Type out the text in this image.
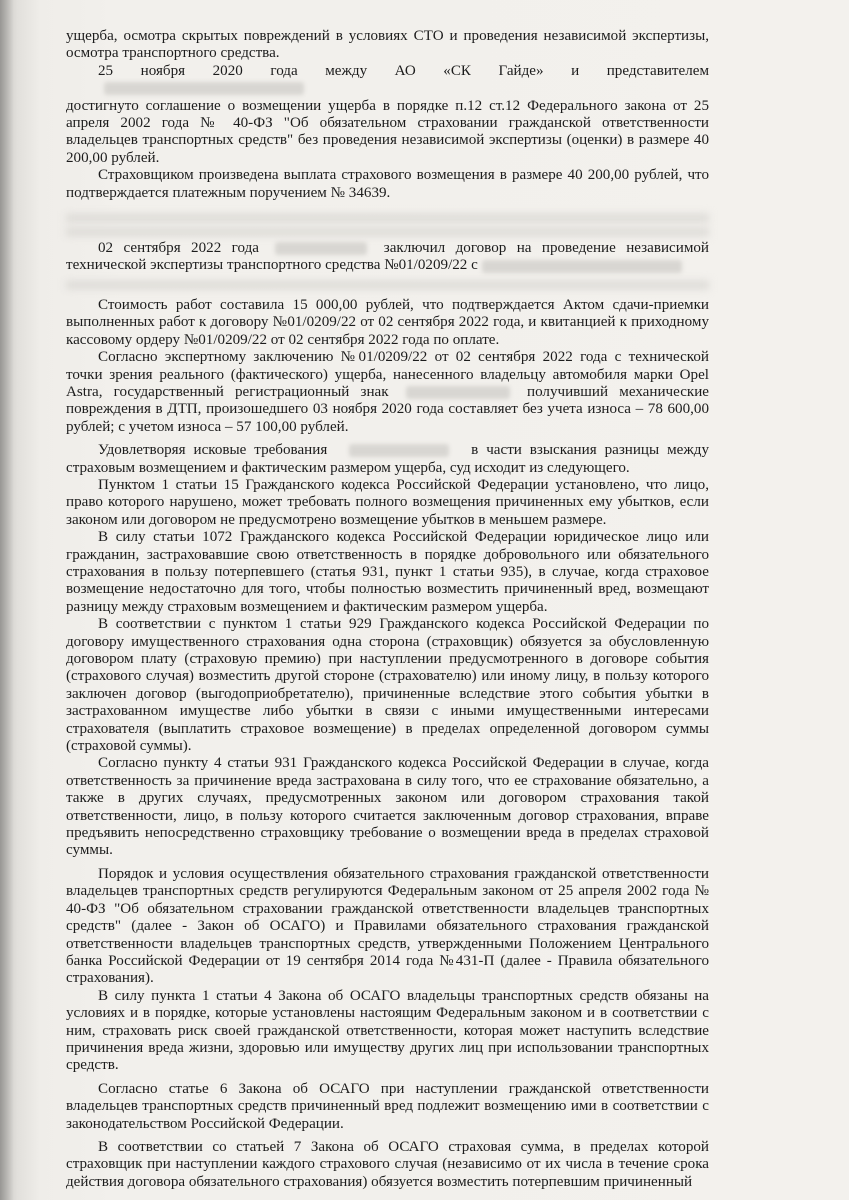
ущерба, осмотра скрытых повреждений в условиях СТО и проведения независимой экспертизы, осмотра транспортного средства.

25 ноября 2020 года между АО «СК Гайде» и представителем

достигнуто соглашение о возмещении ущерба в порядке п.12 ст.12 Федерального закона от 25 апреля 2002 года № 40-ФЗ "Об обязательном страховании гражданской ответственности владельцев транспортных средств" без проведения независимой экспертизы (оценки) в размере 40 200,00 рублей.

Страховщиком произведена выплата страхового возмещения в размере 40 200,00 рублей, что подтверждается платежным поручением № 34639.

02 сентября 2022 года	заключил договор на проведение независимой технической экспертизы транспортного средства №01/0209/22 с

Стоимость работ составила 15 000,00 рублей, что подтверждается Актом сдачи-приемки выполненных работ к договору №01/0209/22 от 02 сентября 2022 года, и квитанцией к приходному кассовому ордеру №01/0209/22 от 02 сентября 2022 года по оплате.

Согласно экспертному заключению №01/0209/22 от 02 сентября 2022 года с технической точки зрения реального (фактического) ущерба, нанесенного владельцу автомобиля марки Opel Astra, государственный регистрационный знак	получивший механические повреждения в ДТП, произошедшего 03 ноября 2020 года составляет без учета износа – 78 600,00 рублей; с учетом износа – 57 100,00 рублей.

Удовлетворяя исковые требования	в части взыскания разницы между страховым возмещением и фактическим размером ущерба, суд исходит из следующего.

Пунктом 1 статьи 15 Гражданского кодекса Российской Федерации установлено, что лицо, право которого нарушено, может требовать полного возмещения причиненных ему убытков, если законом или договором не предусмотрено возмещение убытков в меньшем размере.

В силу статьи 1072 Гражданского кодекса Российской Федерации юридическое лицо или гражданин, застраховавшие свою ответственность в порядке добровольного или обязательного страхования в пользу потерпевшего (статья 931, пункт 1 статьи 935), в случае, когда страховое возмещение недостаточно для того, чтобы полностью возместить причиненный вред, возмещают разницу между страховым возмещением и фактическим размером ущерба.

В соответствии с пунктом 1 статьи 929 Гражданского кодекса Российской Федерации по договору имущественного страхования одна сторона (страховщик) обязуется за обусловленную договором плату (страховую премию) при наступлении предусмотренного в договоре события (страхового случая) возместить другой стороне (страхователю) или иному лицу, в пользу которого заключен договор (выгодоприобретателю), причиненные вследствие этого события убытки в застрахованном имуществе либо убытки в связи с иными имущественными интересами страхователя (выплатить страховое возмещение) в пределах определенной договором суммы (страховой суммы).

Согласно пункту 4 статьи 931 Гражданского кодекса Российской Федерации в случае, когда ответственность за причинение вреда застрахована в силу того, что ее страхование обязательно, а также в других случаях, предусмотренных законом или договором страхования такой ответственности, лицо, в пользу которого считается заключенным договор страхования, вправе предъявить непосредственно страховщику требование о возмещении вреда в пределах страховой суммы.

Порядок и условия осуществления обязательного страхования гражданской ответственности владельцев транспортных средств регулируются Федеральным законом от 25 апреля 2002 года № 40-ФЗ "Об обязательном страховании гражданской ответственности владельцев транспортных средств" (далее - Закон об ОСАГО) и Правилами обязательного страхования гражданской ответственности владельцев транспортных средств, утвержденными Положением Центрального банка Российской Федерации от 19 сентября 2014 года №431-П (далее - Правила обязательного страхования).

В силу пункта 1 статьи 4 Закона об ОСАГО владельцы транспортных средств обязаны на условиях и в порядке, которые установлены настоящим Федеральным законом и в соответствии с ним, страховать риск своей гражданской ответственности, которая может наступить вследствие причинения вреда жизни, здоровью или имуществу других лиц при использовании транспортных средств.

Согласно статье 6 Закона об ОСАГО при наступлении гражданской ответственности владельцев транспортных средств причиненный вред подлежит возмещению ими в соответствии с законодательством Российской Федерации.

В соответствии со статьей 7 Закона об ОСАГО страховая сумма, в пределах которой страховщик при наступлении каждого страхового случая (независимо от их числа в течение срока действия договора обязательного страхования) обязуется возместить потерпевшим причиненный
